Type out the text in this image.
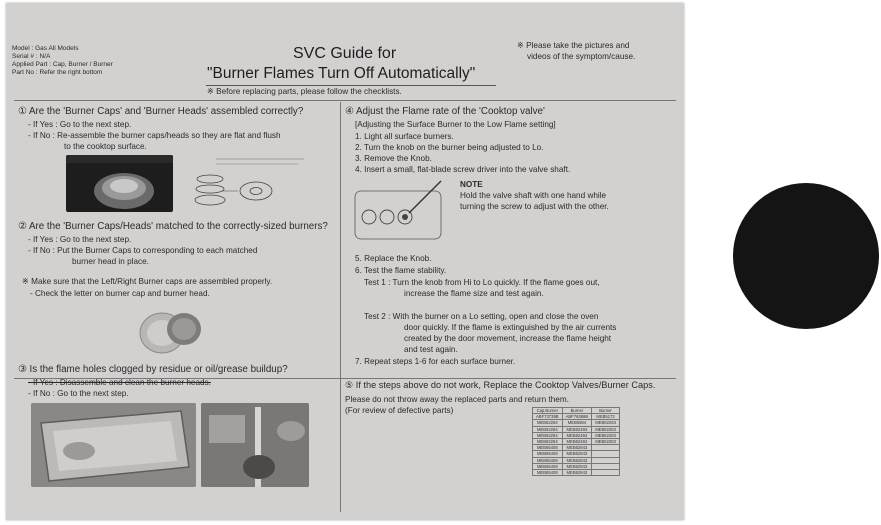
Model : Gas All Models
Serial # : N/A
Applied Part : Cap, Burner / Burner
Part No : Refer the right bottom
SVC Guide for
"Burner Flames Turn Off Automatically"
※ Before replacing parts, please follow the checklists.
※ Please take the pictures and
videos of the symptom/cause.
① Are the 'Burner Caps' and 'Burner Heads' assembled correctly?
- If Yes : Go to the next step.
- If No : Re-assemble the burner caps/heads so they are flat and flush
to the cooktop surface.
② Are the 'Burner Caps/Heads' matched to the correctly-sized burners?
- If Yes : Go to the next step.
- If No : Put the Burner Caps to corresponding to each matched
burner head in place.
※ Make sure that the Left/Right Burner caps are assembled properly.
- Check the letter on burner cap and burner head.
③ Is the flame holes clogged by residue or oil/grease buildup?
- If Yes : Disassemble and clean the burner heads.
- If No : Go to the next step.
④ Adjust the Flame rate of the 'Cooktop valve'
[Adjusting the Surface Burner to the Low Flame setting]
1. Light all surface burners.
2. Turn the knob on the burner being adjusted to Lo.
3. Remove the Knob.
4. Insert a small, flat-blade screw driver into the valve shaft.
NOTE
Hold the valve shaft with one hand while
turning the screw to adjust with the other.
5. Replace the Knob.
6. Test the flame stability.
Test 1 : Turn the knob from Hi to Lo quickly. If the flame goes out,
increase the flame size and test again.
Test 2 : With the burner on a Lo setting, open and close the oven
door quickly. If the flame is extinguished by the air currents
created by the door movement, increase the flame height
and test again.
7. Repeat steps 1-6 for each surface burner.
⑤ If the steps above do not work, Replace the Cooktop Valves/Burner Caps.
Please do not throw away the replaced parts and return them.
(For review of defective parts)	Cap,Burner	Burner	Burner
ABF73739B	ABF76369B	MEB5172
MEB62284	MEB5584	MEB62283
MEB62284	MEB62484	MEB62283
MEB62284	MEB62484	MEB62283
MEB62284	MEB62484	MEB62283
MEB65408	MEB62843	
MEB65408	MEB62843	
MEB65408	MEB62843	
MEB65408	MEB62843	
MEB65408	MEB62843	
